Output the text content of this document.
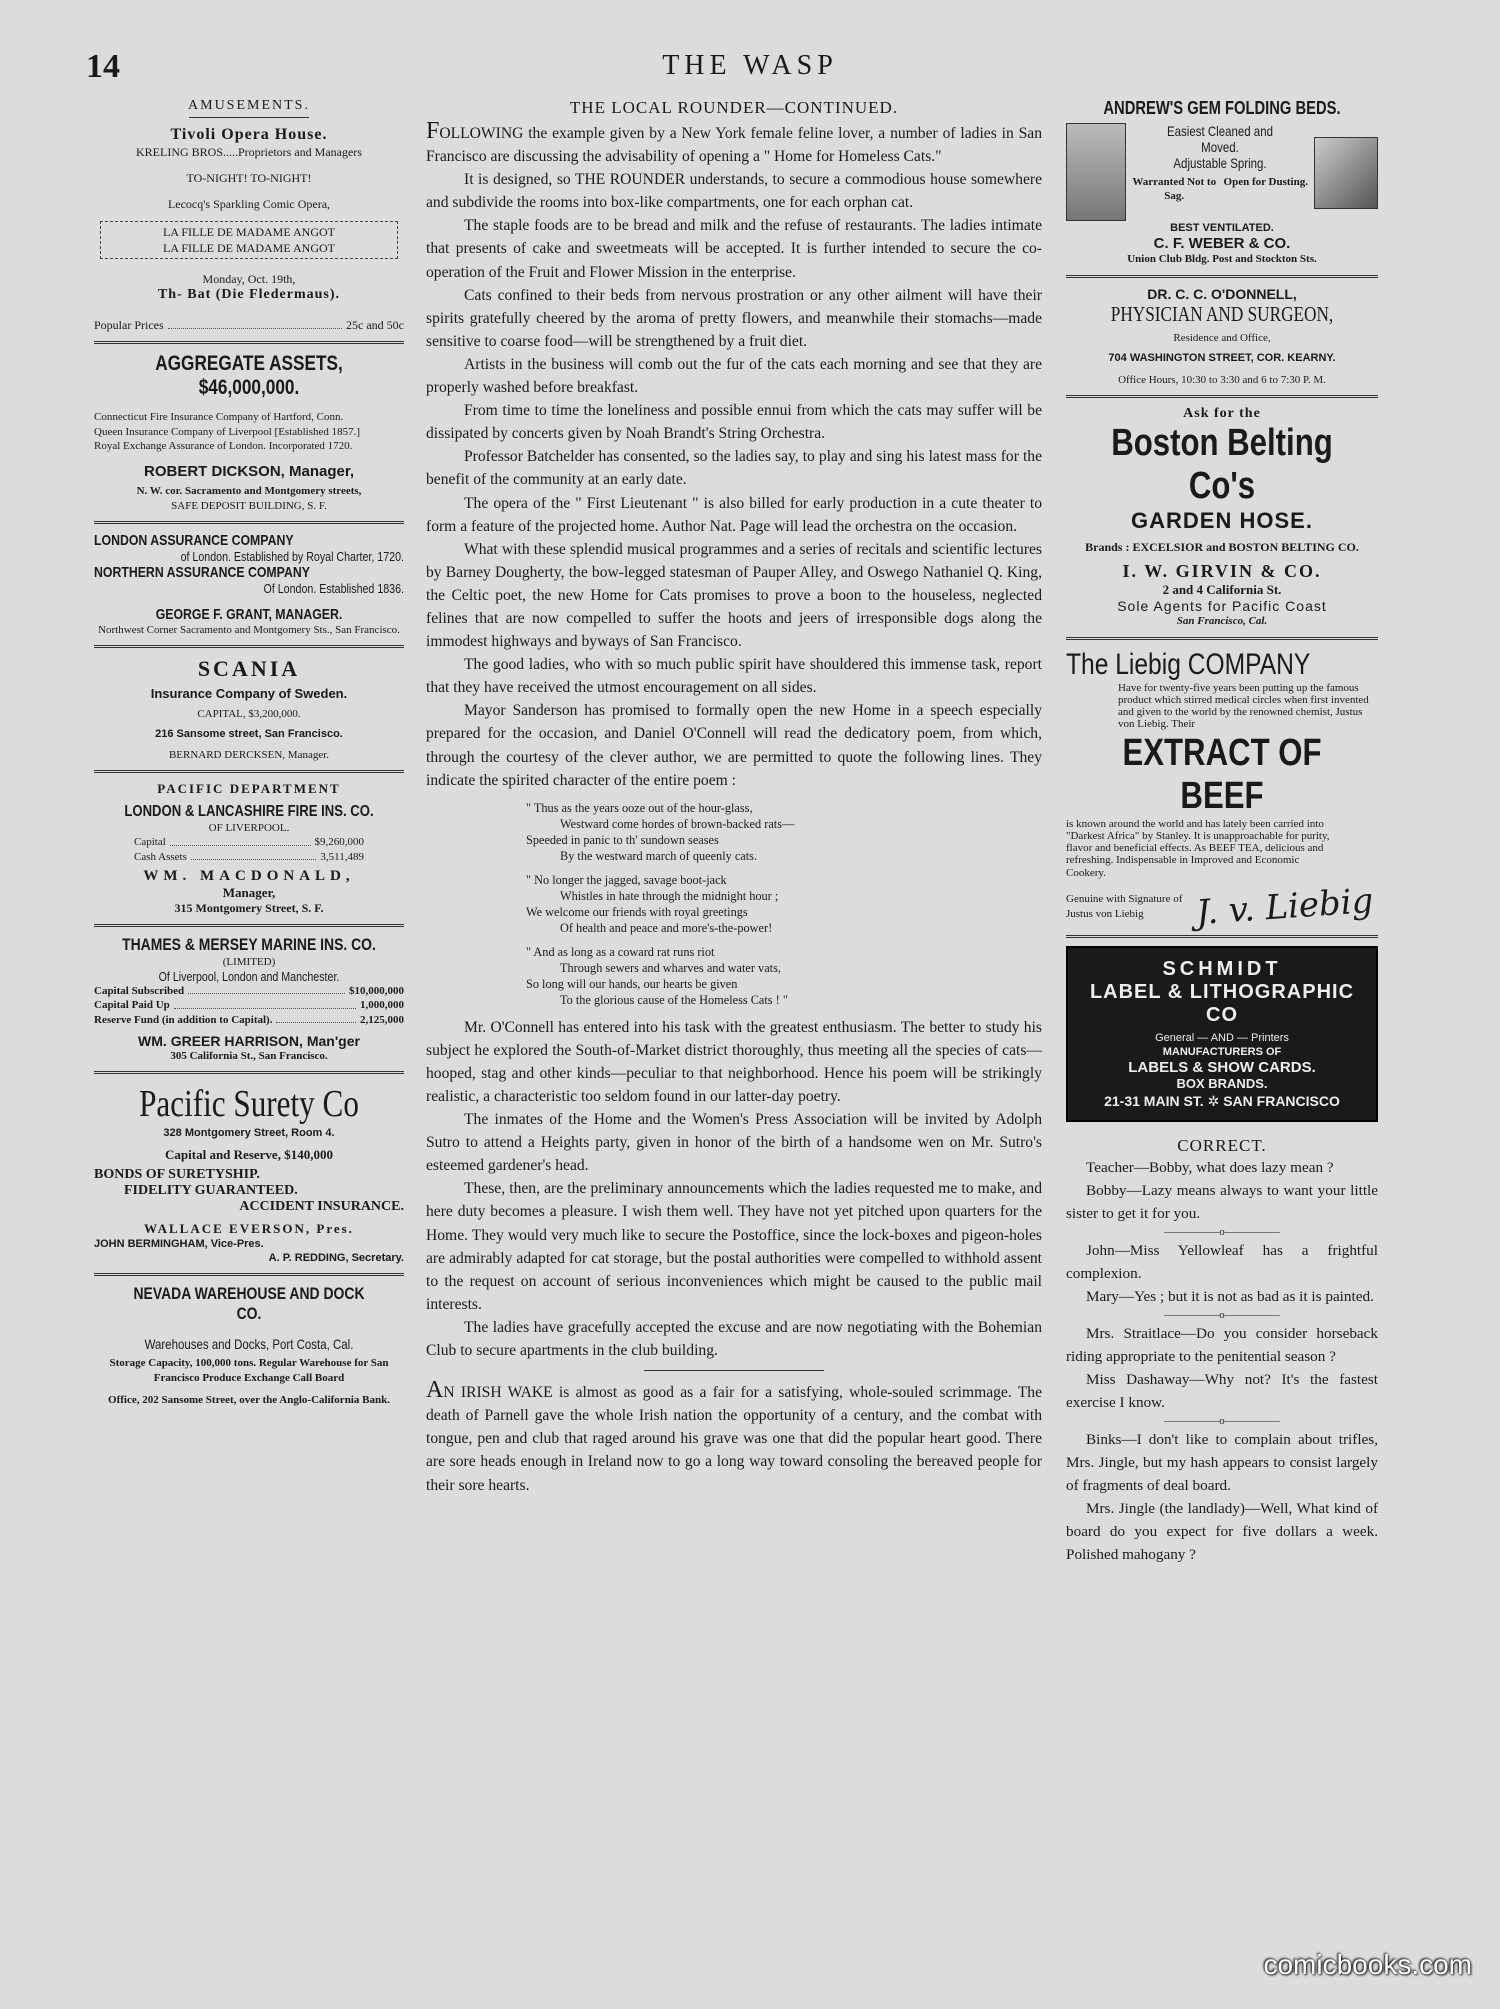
14	THE WASP
AMUSEMENTS.
Tivoli Opera House.
KRELING BROS.....Proprietors and Managers
TO-NIGHT! TO-NIGHT!
Lecocq's Sparkling Comic Opera,
LA FILLE DE MADAME ANGOT
LA FILLE DE MADAME ANGOT
Monday, Oct. 19th,
Th- Bat (Die Fledermaus).
Popular Prices	25c and 50c
AGGREGATE ASSETS, $46,000,000.
Connecticut Fire Insurance Company of Hartford, Conn.
Queen Insurance Company of Liverpool [Established 1857.]
Royal Exchange Assurance of London. Incorporated 1720.
ROBERT DICKSON, Manager,
N. W. cor. Sacramento and Montgomery streets,
SAFE DEPOSIT BUILDING, S. F.
LONDON ASSURANCE COMPANY
of London. Established by Royal Charter, 1720.
NORTHERN ASSURANCE COMPANY
Of London. Established 1836.
GEORGE F. GRANT, MANAGER.
Northwest Corner Sacramento and Montgomery Sts., San Francisco.
SCANIA
Insurance Company of Sweden.
CAPITAL, $3,200,000.
216 Sansome street, San Francisco.
BERNARD DERCKSEN, Manager.
PACIFIC DEPARTMENT
LONDON & LANCASHIRE FIRE INS. CO.
OF LIVERPOOL.
Capital	$9,260,000
Cash Assets	3,511,489
WM. MACDONALD,
Manager,
315 Montgomery Street, S. F.
THAMES & MERSEY MARINE INS. CO.
(LIMITED)
Of Liverpool, London and Manchester.
Capital Subscribed	$10,000,000
Capital Paid Up	1,000,000
Reserve Fund (in addition to Capital).	2,125,000
WM. GREER HARRISON, Man'ger
305 California St., San Francisco.
Pacific Surety Co
328 Montgomery Street, Room 4.
Capital and Reserve, $140,000
BONDS OF SURETYSHIP.
FIDELITY GUARANTEED.
ACCIDENT INSURANCE.
WALLACE EVERSON, Pres.
JOHN BERMINGHAM, Vice-Pres.
A. P. REDDING, Secretary.
NEVADA WAREHOUSE AND DOCK CO.
Warehouses and Docks, Port Costa, Cal.
Storage Capacity, 100,000 tons. Regular Warehouse for San Francisco Produce Exchange Call Board
Office, 202 Sansome Street, over the Anglo-California Bank.
THE LOCAL ROUNDER—CONTINUED.

FOLLOWING the example given by a New York female feline lover, a number of ladies in San Francisco are discussing the advisability of opening a " Home for Homeless Cats."

It is designed, so THE ROUNDER understands, to secure a commodious house somewhere and subdivide the rooms into box-like compartments, one for each orphan cat.

The staple foods are to be bread and milk and the refuse of restaurants. The ladies intimate that presents of cake and sweetmeats will be accepted. It is further intended to secure the co-operation of the Fruit and Flower Mission in the enterprise.

Cats confined to their beds from nervous prostration or any other ailment will have their spirits gratefully cheered by the aroma of pretty flowers, and meanwhile their stomachs—made sensitive to coarse food—will be strengthened by a fruit diet.

Artists in the business will comb out the fur of the cats each morning and see that they are properly washed before breakfast.

From time to time the loneliness and possible ennui from which the cats may suffer will be dissipated by concerts given by Noah Brandt's String Orchestra.

Professor Batchelder has consented, so the ladies say, to play and sing his latest mass for the benefit of the community at an early date.

The opera of the " First Lieutenant " is also billed for early production in a cute theater to form a feature of the projected home. Author Nat. Page will lead the orchestra on the occasion.

What with these splendid musical programmes and a series of recitals and scientific lectures by Barney Dougherty, the bow-legged statesman of Pauper Alley, and Oswego Nathaniel Q. King, the Celtic poet, the new Home for Cats promises to prove a boon to the houseless, neglected felines that are now compelled to suffer the hoots and jeers of irresponsible dogs along the immodest highways and byways of San Francisco.

The good ladies, who with so much public spirit have shouldered this immense task, report that they have received the utmost encouragement on all sides.

Mayor Sanderson has promised to formally open the new Home in a speech especially prepared for the occasion, and Daniel O'Connell will read the dedicatory poem, from which, through the courtesy of the clever author, we are permitted to quote the following lines. They indicate the spirited character of the entire poem :

" Thus as the years ooze out of the hour-glass,
Westward come hordes of brown-backed rats—
Speeded in panic to th' sundown seases
By the westward march of queenly cats.
" No longer the jagged, savage boot-jack
Whistles in hate through the midnight hour ;
We welcome our friends with royal greetings
Of health and peace and more's-the-power!
" And as long as a coward rat runs riot
Through sewers and wharves and water vats,
So long will our hands, our hearts be given
To the glorious cause of the Homeless Cats ! "

Mr. O'Connell has entered into his task with the greatest enthusiasm. The better to study his subject he explored the South-of-Market district thoroughly, thus meeting all the species of cats—hooped, stag and other kinds—peculiar to that neighborhood. Hence his poem will be strikingly realistic, a characteristic too seldom found in our latter-day poetry.

The inmates of the Home and the Women's Press Association will be invited by Adolph Sutro to attend a Heights party, given in honor of the birth of a handsome wen on Mr. Sutro's esteemed gardener's head.

These, then, are the preliminary announcements which the ladies requested me to make, and here duty becomes a pleasure. I wish them well. They have not yet pitched upon quarters for the Home. They would very much like to secure the Postoffice, since the lock-boxes and pigeon-holes are admirably adapted for cat storage, but the postal authorities were compelled to withhold assent to the request on account of serious inconveniences which might be caused to the public mail interests.

The ladies have gracefully accepted the excuse and are now negotiating with the Bohemian Club to secure apartments in the club building.

AN IRISH WAKE is almost as good as a fair for a satisfying, whole-souled scrimmage. The death of Parnell gave the whole Irish nation the opportunity of a century, and the combat with tongue, pen and club that raged around his grave was one that did the popular heart good. There are sore heads enough in Ireland now to go a long way toward consoling the bereaved people for their sore hearts.

ANDREW'S GEM FOLDING BEDS.
Easiest Cleaned and Moved.
Adjustable Spring.
Warranted Not to Sag.
Open for Dusting.
BEST VENTILATED.
C. F. WEBER & CO.
Union Club Bldg. Post and Stockton Sts.
DR. C. C. O'DONNELL,
PHYSICIAN AND SURGEON,
Residence and Office,
704 WASHINGTON STREET, COR. KEARNY.
Office Hours, 10:30 to 3:30 and 6 to 7:30 P. M.
Ask for the
Boston Belting Co's
GARDEN HOSE.
Brands : EXCELSIOR and BOSTON BELTING CO.
I. W. GIRVIN & CO.
2 and 4 California St.
Sole Agents for Pacific Coast
San Francisco, Cal.
The Liebig COMPANY
Have for twenty-five years been putting up the famous product which stirred medical circles when first invented and given to the world by the renowned chemist, Justus von Liebig. Their
EXTRACT OF BEEF
is known around the world and has lately been carried into "Darkest Africa" by Stanley. It is unapproachable for purity, flavor and beneficial effects. As BEEF TEA, delicious and refreshing. Indispensable in Improved and Economic Cookery.
Genuine with Signature of Justus von Liebig	J. v. Liebig
SCHMIDT
LABEL & LITHOGRAPHIC CO
General — AND — Printers
MANUFACTURERS OF
LABELS & SHOW CARDS.
BOX BRANDS.
21-31 MAIN ST. ✲ SAN FRANCISCO
CORRECT.

Teacher—Bobby, what does lazy mean ?

Bobby—Lazy means always to want your little sister to get it for you.

—————o—————

John—Miss Yellowleaf has a frightful complexion.

Mary—Yes ; but it is not as bad as it is painted.

—————o—————

Mrs. Straitlace—Do you consider horseback riding appropriate to the penitential season ?

Miss Dashaway—Why not? It's the fastest exercise I know.

—————o—————

Binks—I don't like to complain about trifles, Mrs. Jingle, but my hash appears to consist largely of fragments of deal board.

Mrs. Jingle (the landlady)—Well, What kind of board do you expect for five dollars a week. Polished mahogany ?

comicbooks.com
